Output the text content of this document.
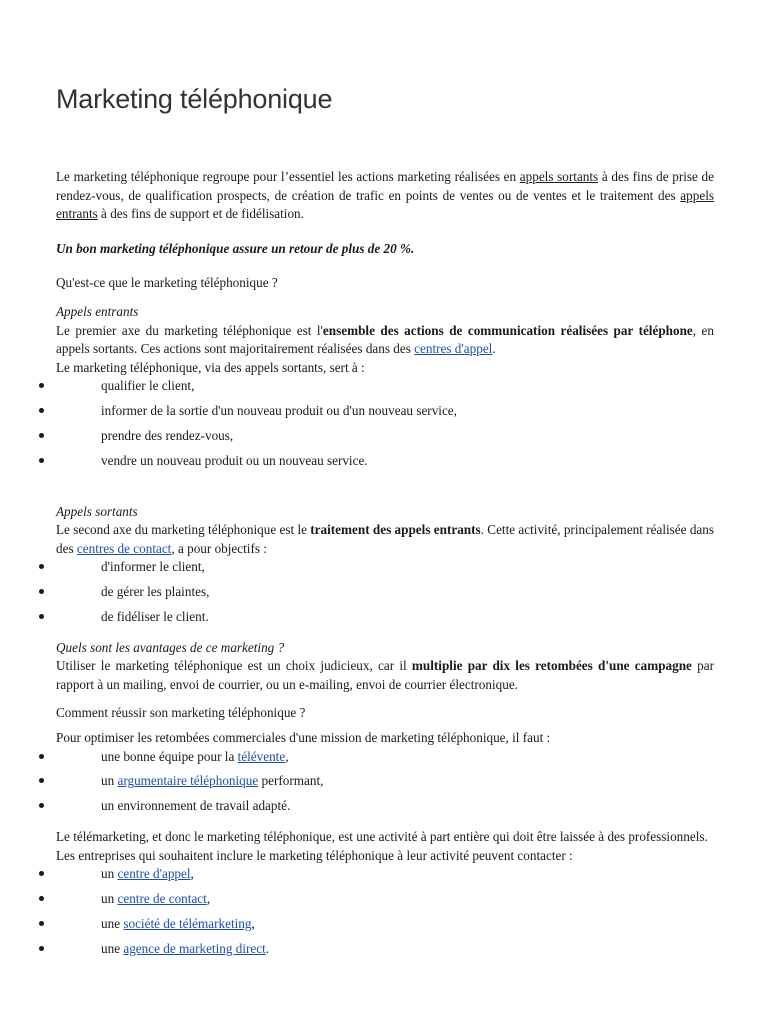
Marketing téléphonique

Le marketing téléphonique regroupe pour l’essentiel les actions marketing réalisées en appels sortants à des fins de prise de rendez-vous, de qualification prospects, de création de trafic en points de ventes ou de ventes et le traitement des appels entrants à des fins de support et de fidélisation.

Un bon marketing téléphonique assure un retour de plus de 20 %.

Qu'est-ce que le marketing téléphonique ?

Appels entrants

Le premier axe du marketing téléphonique est l'ensemble des actions de communication réalisées par téléphone, en appels sortants. Ces actions sont majoritairement réalisées dans des centres d'appel.

Le marketing téléphonique, via des appels sortants, sert à :

qualifier le client,
informer de la sortie d'un nouveau produit ou d'un nouveau service,
prendre des rendez-vous,
vendre un nouveau produit ou un nouveau service.

Appels sortants

Le second axe du marketing téléphonique est le traitement des appels entrants. Cette activité, principalement réalisée dans des centres de contact, a pour objectifs :

d'informer le client,
de gérer les plaintes,
de fidéliser le client.

Quels sont les avantages de ce marketing ?

Utiliser le marketing téléphonique est un choix judicieux, car il multiplie par dix les retombées d'une campagne par rapport à un mailing, envoi de courrier, ou un e-mailing, envoi de courrier électronique.

Comment réussir son marketing téléphonique ?

Pour optimiser les retombées commerciales d'une mission de marketing téléphonique, il faut :

une bonne équipe pour la télévente,
un argumentaire téléphonique performant,
un environnement de travail adapté.

Le télémarketing, et donc le marketing téléphonique, est une activité à part entière qui doit être laissée à des professionnels.

Les entreprises qui souhaitent inclure le marketing téléphonique à leur activité peuvent contacter :

un centre d'appel,
un centre de contact,
une société de télémarketing,
une agence de marketing direct.
